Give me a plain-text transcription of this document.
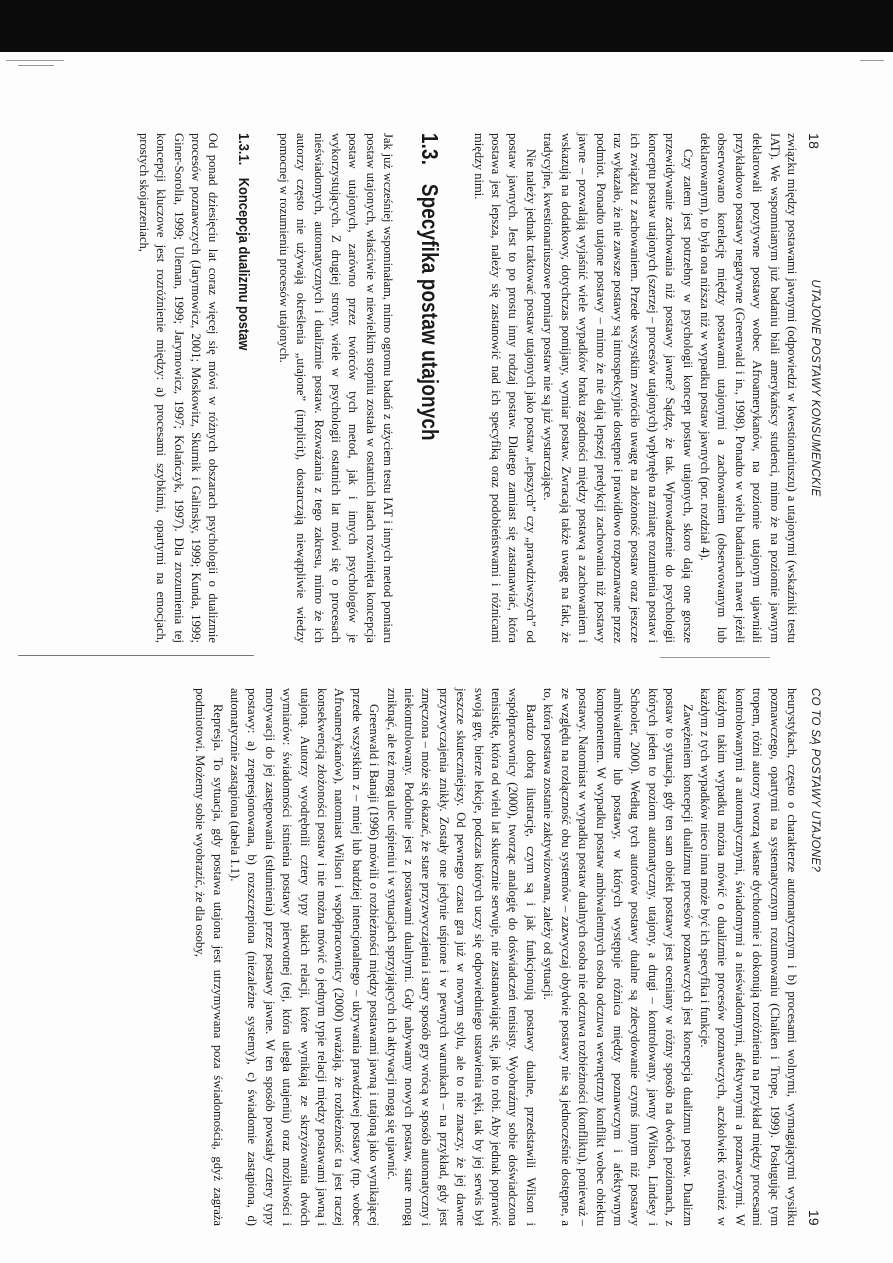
18
UTAJONE POSTAWY KONSUMENCKIE

związku między postawami jawnymi (odpowiedzi w kwestionariuszu) a utajonymi (wskaźniki testu IAT). We wspomnianym już badaniu biali amerykańscy studenci, mimo że na poziomie jawnym deklarowali pozytywne postawy wobec Afroamerykanów, na poziomie utajonym ujawniali przykładowo postawy negatywne (Greenwald i in., 1998). Ponadto w wielu badaniach nawet jeżeli obserwowano korelację między postawami utajonymi a zachowaniem (obserwowanym lub deklarowanym), to była ona niższa niż w wypadku postaw jawnych (por. rozdział 4).

Czy zatem jest potrzebny w psychologii koncept postaw utajonych, skoro dają one gorsze przewidywanie zachowania niż postawy jawne? Sądzę, że tak. Wprowadzenie do psychologii konceptu postaw utajonych (szerzej – procesów utajonych) wpłynęło na zmianę rozumienia postaw i ich związku z zachowaniem. Przede wszystkim zwróciło uwagę na złożoność postaw oraz jeszcze raz wykazało, że nie zawsze postawy są introspekcyjnie dostępne i prawidłowo rozpoznawane przez podmiot. Ponadto utajone postawy – mimo że nie dają lepszej predykcji zachowania niż postawy jawne – pozwalają wyjaśnić wiele wypadków braku zgodności między postawą a zachowaniem i wskazują na dodatkowy, dotychczas pomijany, wymiar postaw. Zwracają także uwagę na fakt, że tradycyjne, kwestionariuszowe pomiary postaw nie są już wystarczające.

Nie należy jednak traktować postaw utajonych jako postaw „lepszych” czy „prawdziwszych” od postaw jawnych. Jest to po prostu inny rodzaj postaw. Dlatego zamiast się zastanawiać, która postawa jest lepsza, należy się zastanowić nad ich specyfiką oraz podobieństwami i różnicami między nimi.

1.3.Specyfika postaw utajonych

Jak już wcześniej wspominałam, mimo ogromu badań z użyciem testu IAT i innych metod pomiaru postaw utajonych, właściwie w niewielkim stopniu została w ostatnich latach rozwinięta koncepcja postaw utajonych, zarówno przez twórców tych metod, jak i innych psychologów je wykorzystujących. Z drugiej strony, wiele w psychologii ostatnich lat mówi się o procesach nieświadomych, automatycznych i dualizmie postaw. Rozważania z tego zakresu, mimo że ich autorzy często nie używają określenia „utajone” (implicit), dostarczają niewątpliwie wiedzy pomocnej w rozumieniu procesów utajonych.

1.3.1.Koncepcja dualizmu postaw

Od ponad dziesięciu lat coraz więcej się mówi w różnych obszarach psychologii o dualizmie procesów poznawczych (Jarymowicz, 2001; Moskowitz, Skurnik i Galinsky, 1999; Kunda, 1999; Giner-Sorolla, 1999; Uleman, 1999; Jarymowicz, 1997; Kolańczyk, 1997). Dla zrozumienia tej koncepcji kluczowe jest rozróżnienie między: a) procesami szybkimi, opartymi na emocjach, prostych skojarzeniach,

CO TO SĄ POSTAWY UTAJONE?
19

heurystykach, często o charakterze automatycznym i b) procesami wolnymi, wymagającymi wysiłku poznawczego, opartymi na systematycznym rozumowaniu (Chaiken i Trope, 1999). Posługując tym tropem, różni autorzy tworzą własne dychotomie i dokonują rozróżnienia na przykład między procesami kontrolowanymi a automatycznymi, świadomymi a nieświadomymi, afektywnymi a poznawczymi. W każdym takim wypadku można mówić o dualizmie procesów poznawczych, aczkolwiek również w każdym z tych wypadków nieco inna może być ich specyfika i funkcje.

Zawężeniem koncepcji dualizmu procesów poznawczych jest koncepcja dualizmu postaw. Dualizm postaw to sytuacja, gdy ten sam obiekt postawy jest oceniany w różny sposób na dwóch poziomach, z których jeden to poziom automatyczny, utajony, a drugi – kontrolowany, jawny (Wilson, Lindsey i Schooler, 2000). Według tych autorów postawy dualne są zdecydowanie czymś innym niż postawy ambiwalentne lub postawy, w których występuje różnica między poznawczym i afektywnym komponentem. W wypadku postaw ambiwalentnych osoba odczuwa wewnętrzny konflikt wobec obiektu postawy. Natomiast w wypadku postaw dualnych osoba nie odczuwa rozbieżności (konfliktu), ponieważ – ze względu na rozłączność obu systemów – zazwyczaj obydwie postawy nie są jednocześnie dostępne, a to, która postawa zostanie zaktywizowana, zależy od sytuacji.

Bardzo dobrą ilustrację, czym są i jak funkcjonują postawy dualne, przedstawili Wilson i współpracownicy (2000), tworząc analogię do doświadczeń tenisisty. Wyobraźmy sobie doświadczona tenisistkę, która od wielu lat skutecznie serwuje, nie zastanawiając się, jak to robi. Aby jednak poprawić swoją grę, bierze lekcje, podczas których uczy się odpowiedniego ustawienia ręki, tak by jej serwis był jeszcze skuteczniejszy. Od pewnego czasu gra już w nowym stylu, ale to nie znaczy, że jej dawne przyzwyczajenia znikły. Zostały one jedynie uśpione i w pewnych warunkach – na przykład, gdy jest zmęczona – może się okazać, że stare przyzwyczajenia i stary sposób gry wrócą w sposób automatyczny i niekontrolowany. Podobnie jest z postawami dualnymi. Gdy nabywamy nowych postaw, stare mogą zniknąć, ale też mogą ulec uśpieniu i w sytuacjach sprzyjających ich aktywacji mogą się ujawnić.

Greenwald i Banaji (1996) mówili o rozbieżności między postawami jawną i utajoną jako wynikającej przede wszystkim z – mniej lub bardziej intencjonalnego – ukrywania prawdziwej postawy (np. wobec Afroamerykanów), natomiast Wilson i współpracownicy (2000) uważają, że rozbieżność ta jest raczej konsekwencją złożoności postaw i nie można mówić o jednym typie relacji między postawami jawną i utajoną. Autorzy wyodrębnili cztery typy takich relacji, które wynikają ze skrzyżowania dwóch wymiarów: świadomości istnienia postawy pierwotnej (tej, która uległa utajeniu) oraz możliwości i motywacji do jej zastępowania (stłumienia) przez postawy jawne. W ten sposób powstały cztery typy postawy: a) zrepresjonowana, b) rozszczepiona (niezależne systemy), c) świadomie zastąpiona, d) automatycznie zastąpiona (tabela 1.1).

Represja. To sytuacja, gdy postawa utajona jest utrzymywana poza świadomością, gdyż zagraża podmiotowi. Możemy sobie wyobrazić, że dla osoby,
